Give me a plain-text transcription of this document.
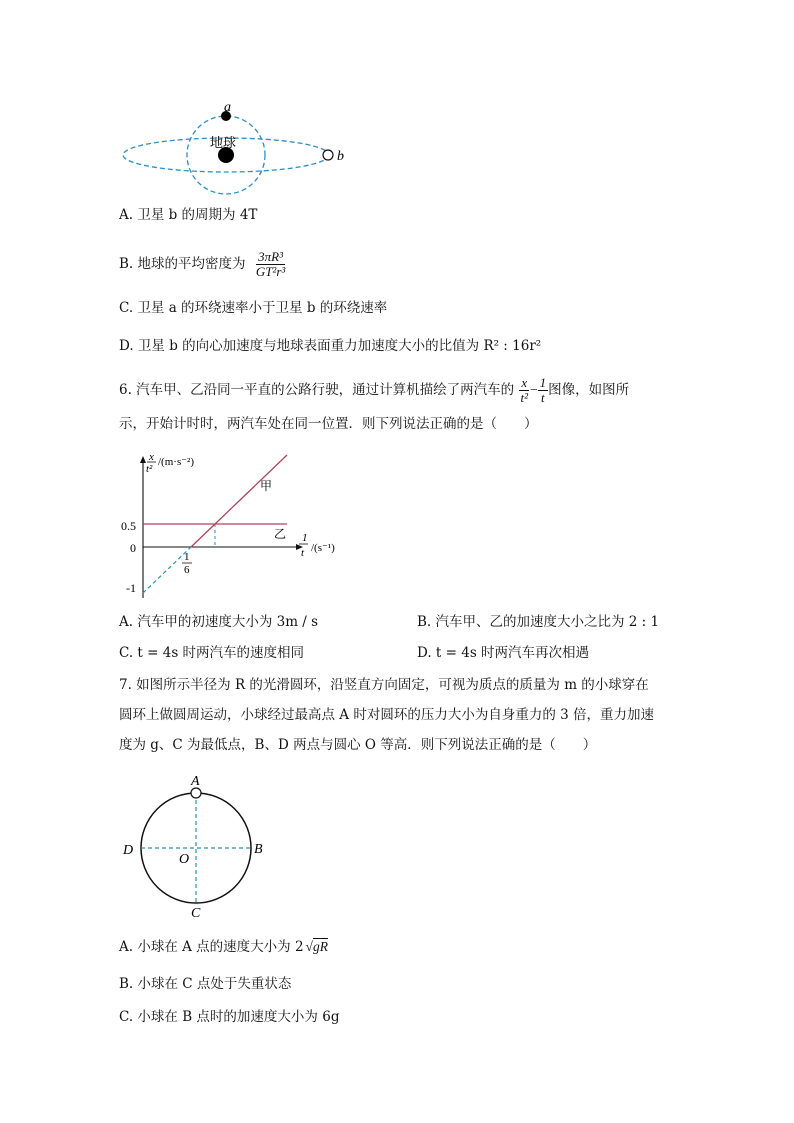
a
b
地球
A. 卫星 b 的周期为 4T
B. 地球的平均密度为 $\frac{\text{3πR³}}{\text{GT²r³}}$
C. 卫星 a 的环绕速率小于卫星 b 的环绕速率
D. 卫星 b 的向心加速度与地球表面重力加速度大小的比值为 R² : 16r²
6. 汽车甲、乙沿同一平直的公路行驶，通过计算机描绘了两汽车的 $\frac{x}{\text{t²}} - \frac{1}{t}$ 图像，如图所
示，开始计时时，两汽车处在同一位置．则下列说法正确的是（　　）
x
t²
/(m·s⁻²)
1
t /(s⁻¹)
0.5
0
-1
1
6
甲
乙
A. 汽车甲的初速度大小为 3m / s	B. 汽车甲、乙的加速度大小之比为 2 : 1
C. t = 4s 时两汽车的速度相同	D. t = 4s 时两汽车再次相遇
7. 如图所示半径为 R 的光滑圆环，沿竖直方向固定，可视为质点的质量为 m 的小球穿在
圆环上做圆周运动，小球经过最高点 A 时对圆环的压力大小为自身重力的 3 倍，重力加速
度为 g、C 为最低点，B、D 两点与圆心 O 等高．则下列说法正确的是（　　）
A
B
C
D
O
A. 小球在 A 点的速度大小为 2 √gR
B. 小球在 C 点处于失重状态
C. 小球在 B 点时的加速度大小为 6g
